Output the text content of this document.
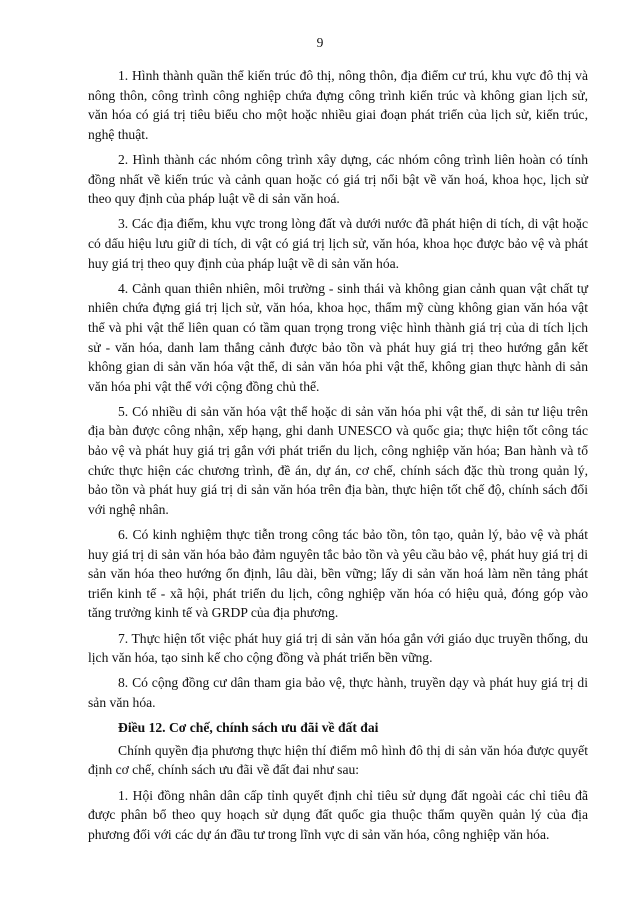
9

1. Hình thành quần thể kiến trúc đô thị, nông thôn, địa điểm cư trú, khu vực đô thị và nông thôn, công trình công nghiệp chứa đựng công trình kiến trúc và không gian lịch sử, văn hóa có giá trị tiêu biểu cho một hoặc nhiều giai đoạn phát triển của lịch sử, kiến trúc, nghệ thuật.

2. Hình thành các nhóm công trình xây dựng, các nhóm công trình liên hoàn có tính đồng nhất về kiến trúc và cảnh quan hoặc có giá trị nổi bật về văn hoá, khoa học, lịch sử theo quy định của pháp luật về di sản văn hoá.

3. Các địa điểm, khu vực trong lòng đất và dưới nước đã phát hiện di tích, di vật hoặc có dấu hiệu lưu giữ di tích, di vật có giá trị lịch sử, văn hóa, khoa học được bảo vệ và phát huy giá trị theo quy định của pháp luật về di sản văn hóa.

4. Cảnh quan thiên nhiên, môi trường - sinh thái và không gian cảnh quan vật chất tự nhiên chứa đựng giá trị lịch sử, văn hóa, khoa học, thẩm mỹ cùng không gian văn hóa vật thể và phi vật thể liên quan có tầm quan trọng trong việc hình thành giá trị của di tích lịch sử - văn hóa, danh lam thắng cảnh được bảo tồn và phát huy giá trị theo hướng gắn kết không gian di sản văn hóa vật thể, di sản văn hóa phi vật thể, không gian thực hành di sản văn hóa phi vật thể với cộng đồng chủ thể.

5. Có nhiều di sản văn hóa vật thể hoặc di sản văn hóa phi vật thể, di sản tư liệu trên địa bàn được công nhận, xếp hạng, ghi danh UNESCO và quốc gia; thực hiện tốt công tác bảo vệ và phát huy giá trị gắn với phát triển du lịch, công nghiệp văn hóa; Ban hành và tổ chức thực hiện các chương trình, đề án, dự án, cơ chế, chính sách đặc thù trong quản lý, bảo tồn và phát huy giá trị di sản văn hóa trên địa bàn, thực hiện tốt chế độ, chính sách đối với nghệ nhân.

6. Có kinh nghiệm thực tiễn trong công tác bảo tồn, tôn tạo, quản lý, bảo vệ và phát huy giá trị di sản văn hóa bảo đảm nguyên tắc bảo tồn và yêu cầu bảo vệ, phát huy giá trị di sản văn hóa theo hướng ổn định, lâu dài, bền vững; lấy di sản văn hoá làm nền tảng phát triển kinh tế - xã hội, phát triển du lịch, công nghiệp văn hóa có hiệu quả, đóng góp vào tăng trưởng kinh tế và GRDP của địa phương.

7. Thực hiện tốt việc phát huy giá trị di sản văn hóa gắn với giáo dục truyền thống, du lịch văn hóa, tạo sinh kế cho cộng đồng và phát triển bền vững.

8. Có cộng đồng cư dân tham gia bảo vệ, thực hành, truyền dạy và phát huy giá trị di sản văn hóa.

Điều 12. Cơ chế, chính sách ưu đãi về đất đai

Chính quyền địa phương thực hiện thí điểm mô hình đô thị di sản văn hóa được quyết định cơ chế, chính sách ưu đãi về đất đai như sau:

1. Hội đồng nhân dân cấp tỉnh quyết định chỉ tiêu sử dụng đất ngoài các chỉ tiêu đã được phân bổ theo quy hoạch sử dụng đất quốc gia thuộc thẩm quyền quản lý của địa phương đối với các dự án đầu tư trong lĩnh vực di sản văn hóa, công nghiệp văn hóa.
